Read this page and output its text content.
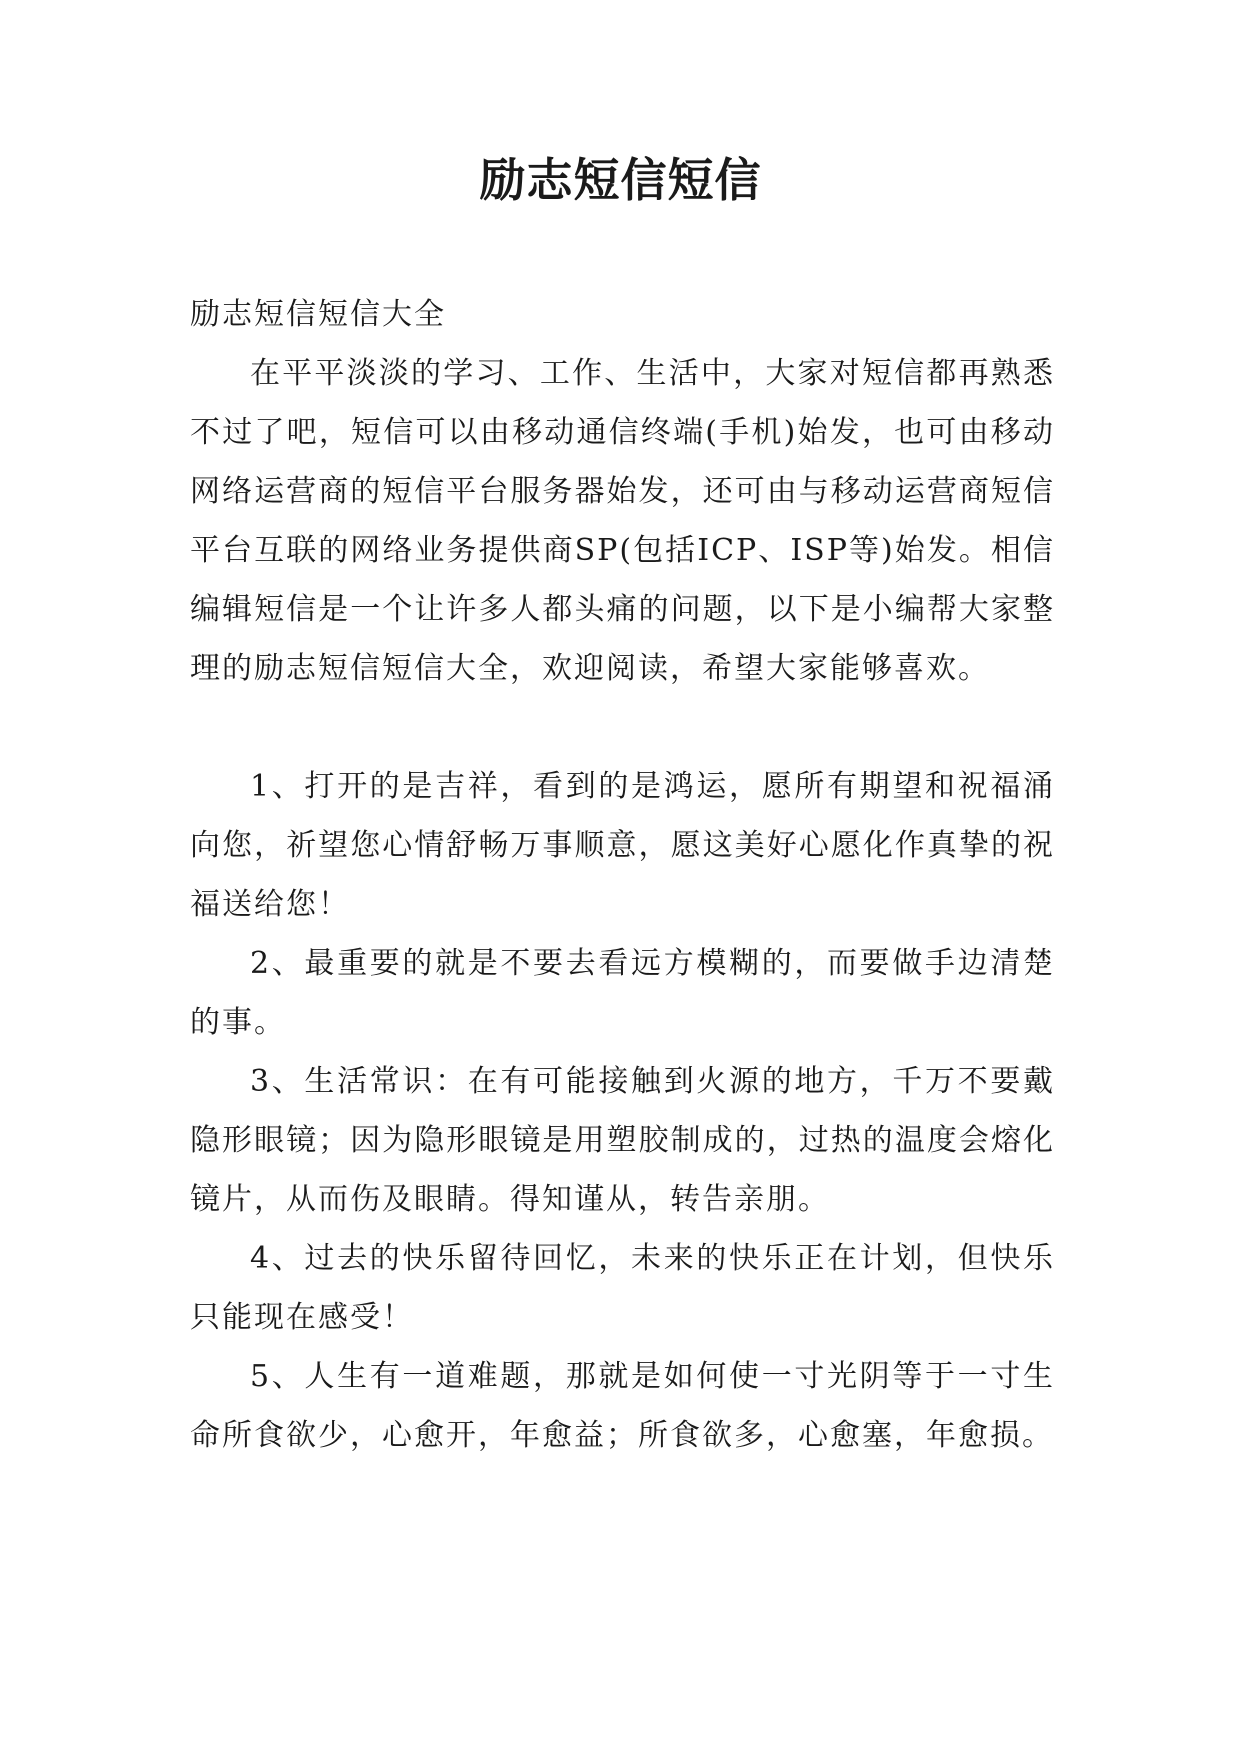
励志短信短信

励志短信短信大全

在平平淡淡的学习、工作、生活中，大家对短信都再熟悉不过了吧，短信可以由移动通信终端(手机)始发，也可由移动网络运营商的短信平台服务器始发，还可由与移动运营商短信平台互联的网络业务提供商SP(包括ICP、ISP等)始发。相信编辑短信是一个让许多人都头痛的问题，以下是小编帮大家整理的励志短信短信大全，欢迎阅读，希望大家能够喜欢。

1、打开的是吉祥，看到的是鸿运，愿所有期望和祝福涌向您，祈望您心情舒畅万事顺意，愿这美好心愿化作真挚的祝福送给您！

2、最重要的就是不要去看远方模糊的，而要做手边清楚的事。

3、生活常识：在有可能接触到火源的地方，千万不要戴隐形眼镜；因为隐形眼镜是用塑胶制成的，过热的温度会熔化镜片，从而伤及眼睛。得知谨从，转告亲朋。

4、过去的快乐留待回忆，未来的快乐正在计划，但快乐只能现在感受！

5、人生有一道难题，那就是如何使一寸光阴等于一寸生命所食欲少，心愈开，年愈益；所食欲多，心愈塞，年愈损。
